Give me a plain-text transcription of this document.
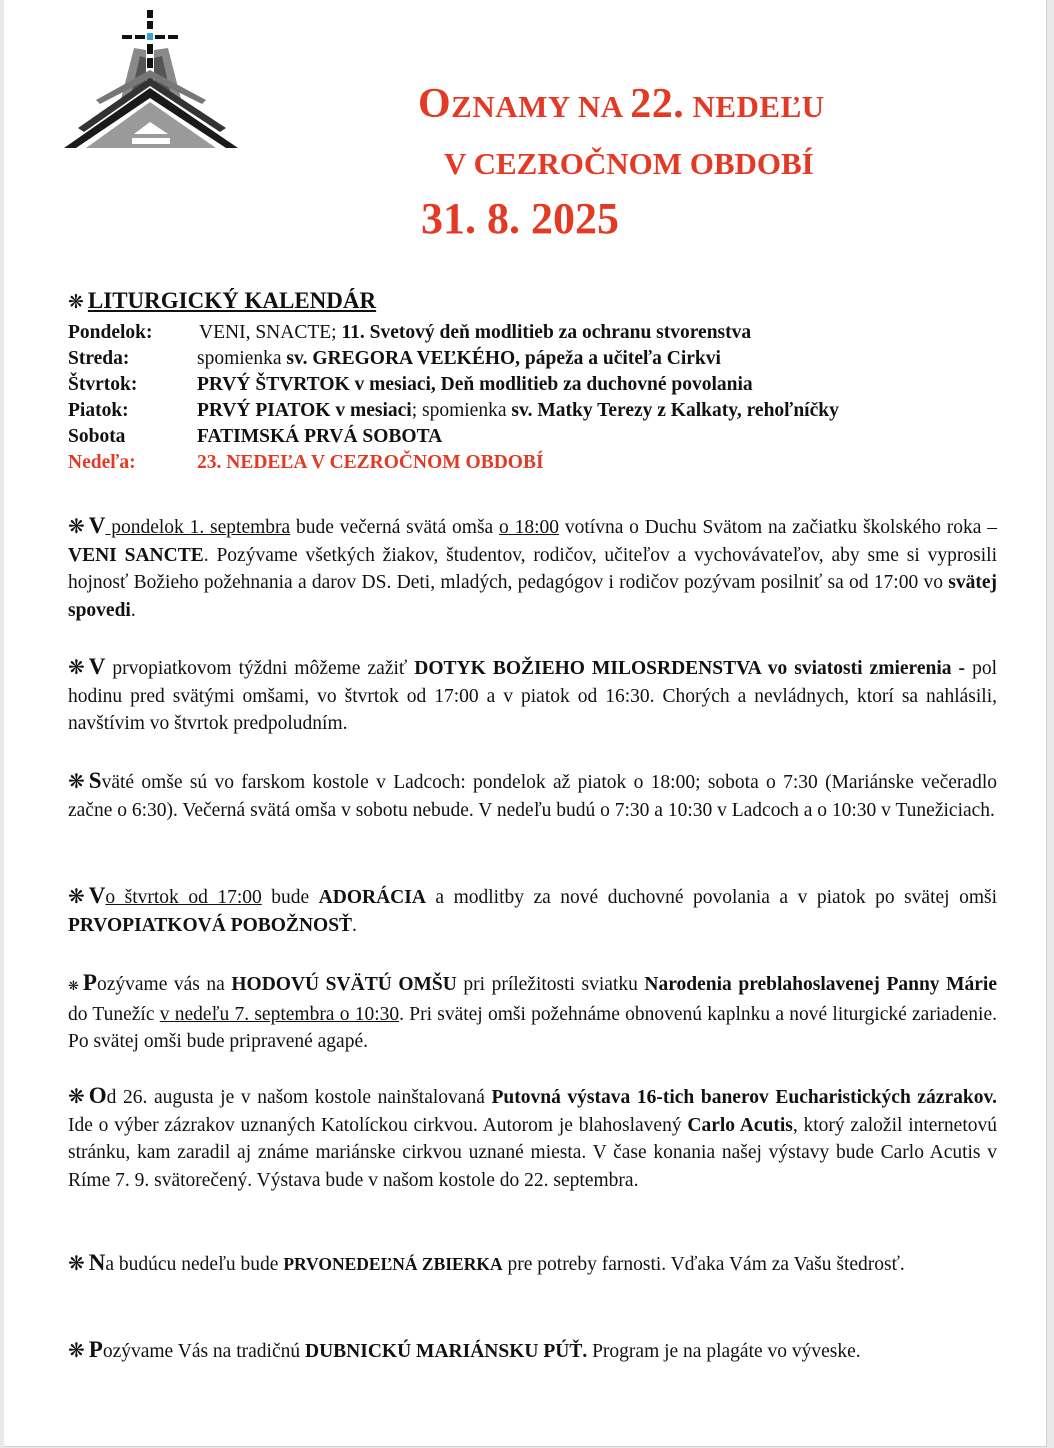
OZNAMY NA 22. NEDEĽU
V CEZROČNOM OBDOBÍ
31. 8. 2025
❋ LITURGICKÝ KALENDÁR
Pondelok: VENI, SNACTE; 11. Svetový deň modlitieb za ochranu stvorenstva
Streda:	spomienka sv. GREGORA VEĽKÉHO, pápeža a učiteľa Cirkvi
Štvrtok:	PRVÝ ŠTVRTOK v mesiaci, Deň modlitieb za duchovné povolania
Piatok:	PRVÝ PIATOK v mesiaci; spomienka sv. Matky Terezy z Kalkaty, rehoľníčky
Sobota	FATIMSKÁ PRVÁ SOBOTA
Nedeľa:	23. NEDEĽA V CEZROČNOM OBDOBÍ
❋ V pondelok 1. septembra bude večerná svätá omša o 18:00 votívna o Duchu Svätom na začiatku školského roka – VENI SANCTE. Pozývame všetkých žiakov, študentov, rodičov, učiteľov a vychovávateľov, aby sme si vyprosili hojnosť Božieho požehnania a darov DS. Deti, mladých, pedagógov i rodičov pozývam posilniť sa od 17:00 vo svätej spovedi.
❋ V prvopiatkovom týždni môžeme zažiť DOTYK BOŽIEHO MILOSRDENSTVA vo sviatosti zmierenia - pol hodinu pred svätými omšami, vo štvrtok od 17:00 a v piatok od 16:30. Chorých a nevládnych, ktorí sa nahlásili, navštívim vo štvrtok predpoludním.
❋ Sväté omše sú vo farskom kostole v Ladcoch: pondelok až piatok o 18:00; sobota o 7:30 (Mariánske večeradlo začne o 6:30). Večerná svätá omša v sobotu nebude. V nedeľu budú o 7:30 a 10:30 v Ladcoch a o 10:30 v Tunežiciach.
❋ Vo štvrtok od 17:00 bude ADORÁCIA a modlitby za nové duchovné povolania a v piatok po svätej omši PRVOPIATKOVÁ POBOŽNOSŤ.
❋ Pozývame vás na HODOVÚ SVÄTÚ OMŠU pri príležitosti sviatku Narodenia preblahoslavenej Panny Márie do Tunežíc v nedeľu 7. septembra o 10:30. Pri svätej omši požehnáme obnovenú kaplnku a nové liturgické zariadenie. Po svätej omši bude pripravené agapé.
❋ Od 26. augusta je v našom kostole nainštalovaná Putovná výstava 16-tich banerov Eucharistických zázrakov. Ide o výber zázrakov uznaných Katolíckou cirkvou. Autorom je blahoslavený Carlo Acutis, ktorý založil internetovú stránku, kam zaradil aj známe mariánske cirkvou uznané miesta. V čase konania našej výstavy bude Carlo Acutis v Ríme 7. 9. svätorečený. Výstava bude v našom kostole do 22. septembra.
❋ Na budúcu nedeľu bude PRVONEDEĽNÁ ZBIERKA pre potreby farnosti. Vďaka Vám za Vašu štedrosť.
❋ Pozývame Vás na tradičnú DUBNICKÚ MARIÁNSKU PÚŤ. Program je na plagáte vo výveske.
